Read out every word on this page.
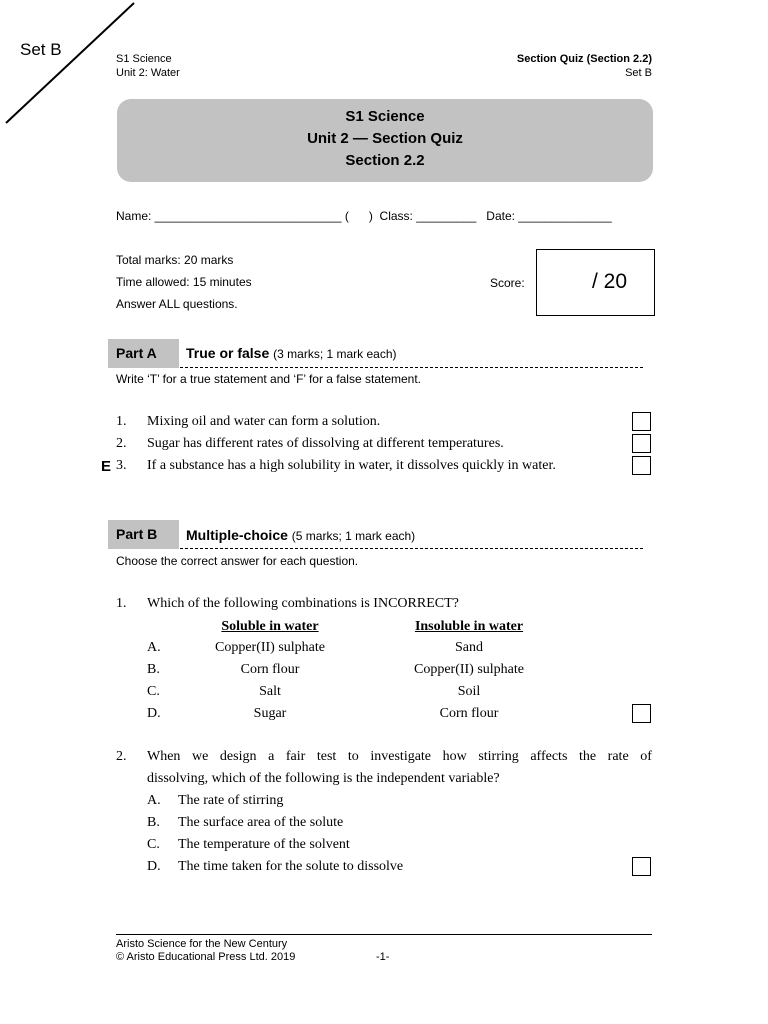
Set B	S1 Science
Unit 2: Water
Section Quiz (Section 2.2)
Set B
S1 Science
Unit 2 — Section Quiz
Section 2.2
Name: ____________________________ (      )  Class: _________   Date: ______________
Total marks: 20 marks
Time allowed: 15 minutes
Answer ALL questions.
Score:	/ 20
Part A	True or false (3 marks; 1 mark each)
Write ‘T’ for a true statement and ‘F’ for a false statement.
1. Mixing oil and water can form a solution.
2. Sugar has different rates of dissolving at different temperatures.
E 3. If a substance has a high solubility in water, it dissolves quickly in water.
Part B	Multiple-choice (5 marks; 1 mark each)
Choose the correct answer for each question.
1. Which of the following combinations is INCORRECT?
Soluble in water	Insoluble in water
A.	Copper(II) sulphate	Sand
B.	Corn flour	Copper(II) sulphate
C.	Salt	Soil
D.	Sugar	Corn flour
2. When we design a fair test to investigate how stirring affects the rate of
dissolving, which of the following is the independent variable?
A. The rate of stirring
B. The surface area of the solute
C. The temperature of the solvent
D. The time taken for the solute to dissolve
Aristo Science for the New Century
© Aristo Educational Press Ltd. 2019	-1-
